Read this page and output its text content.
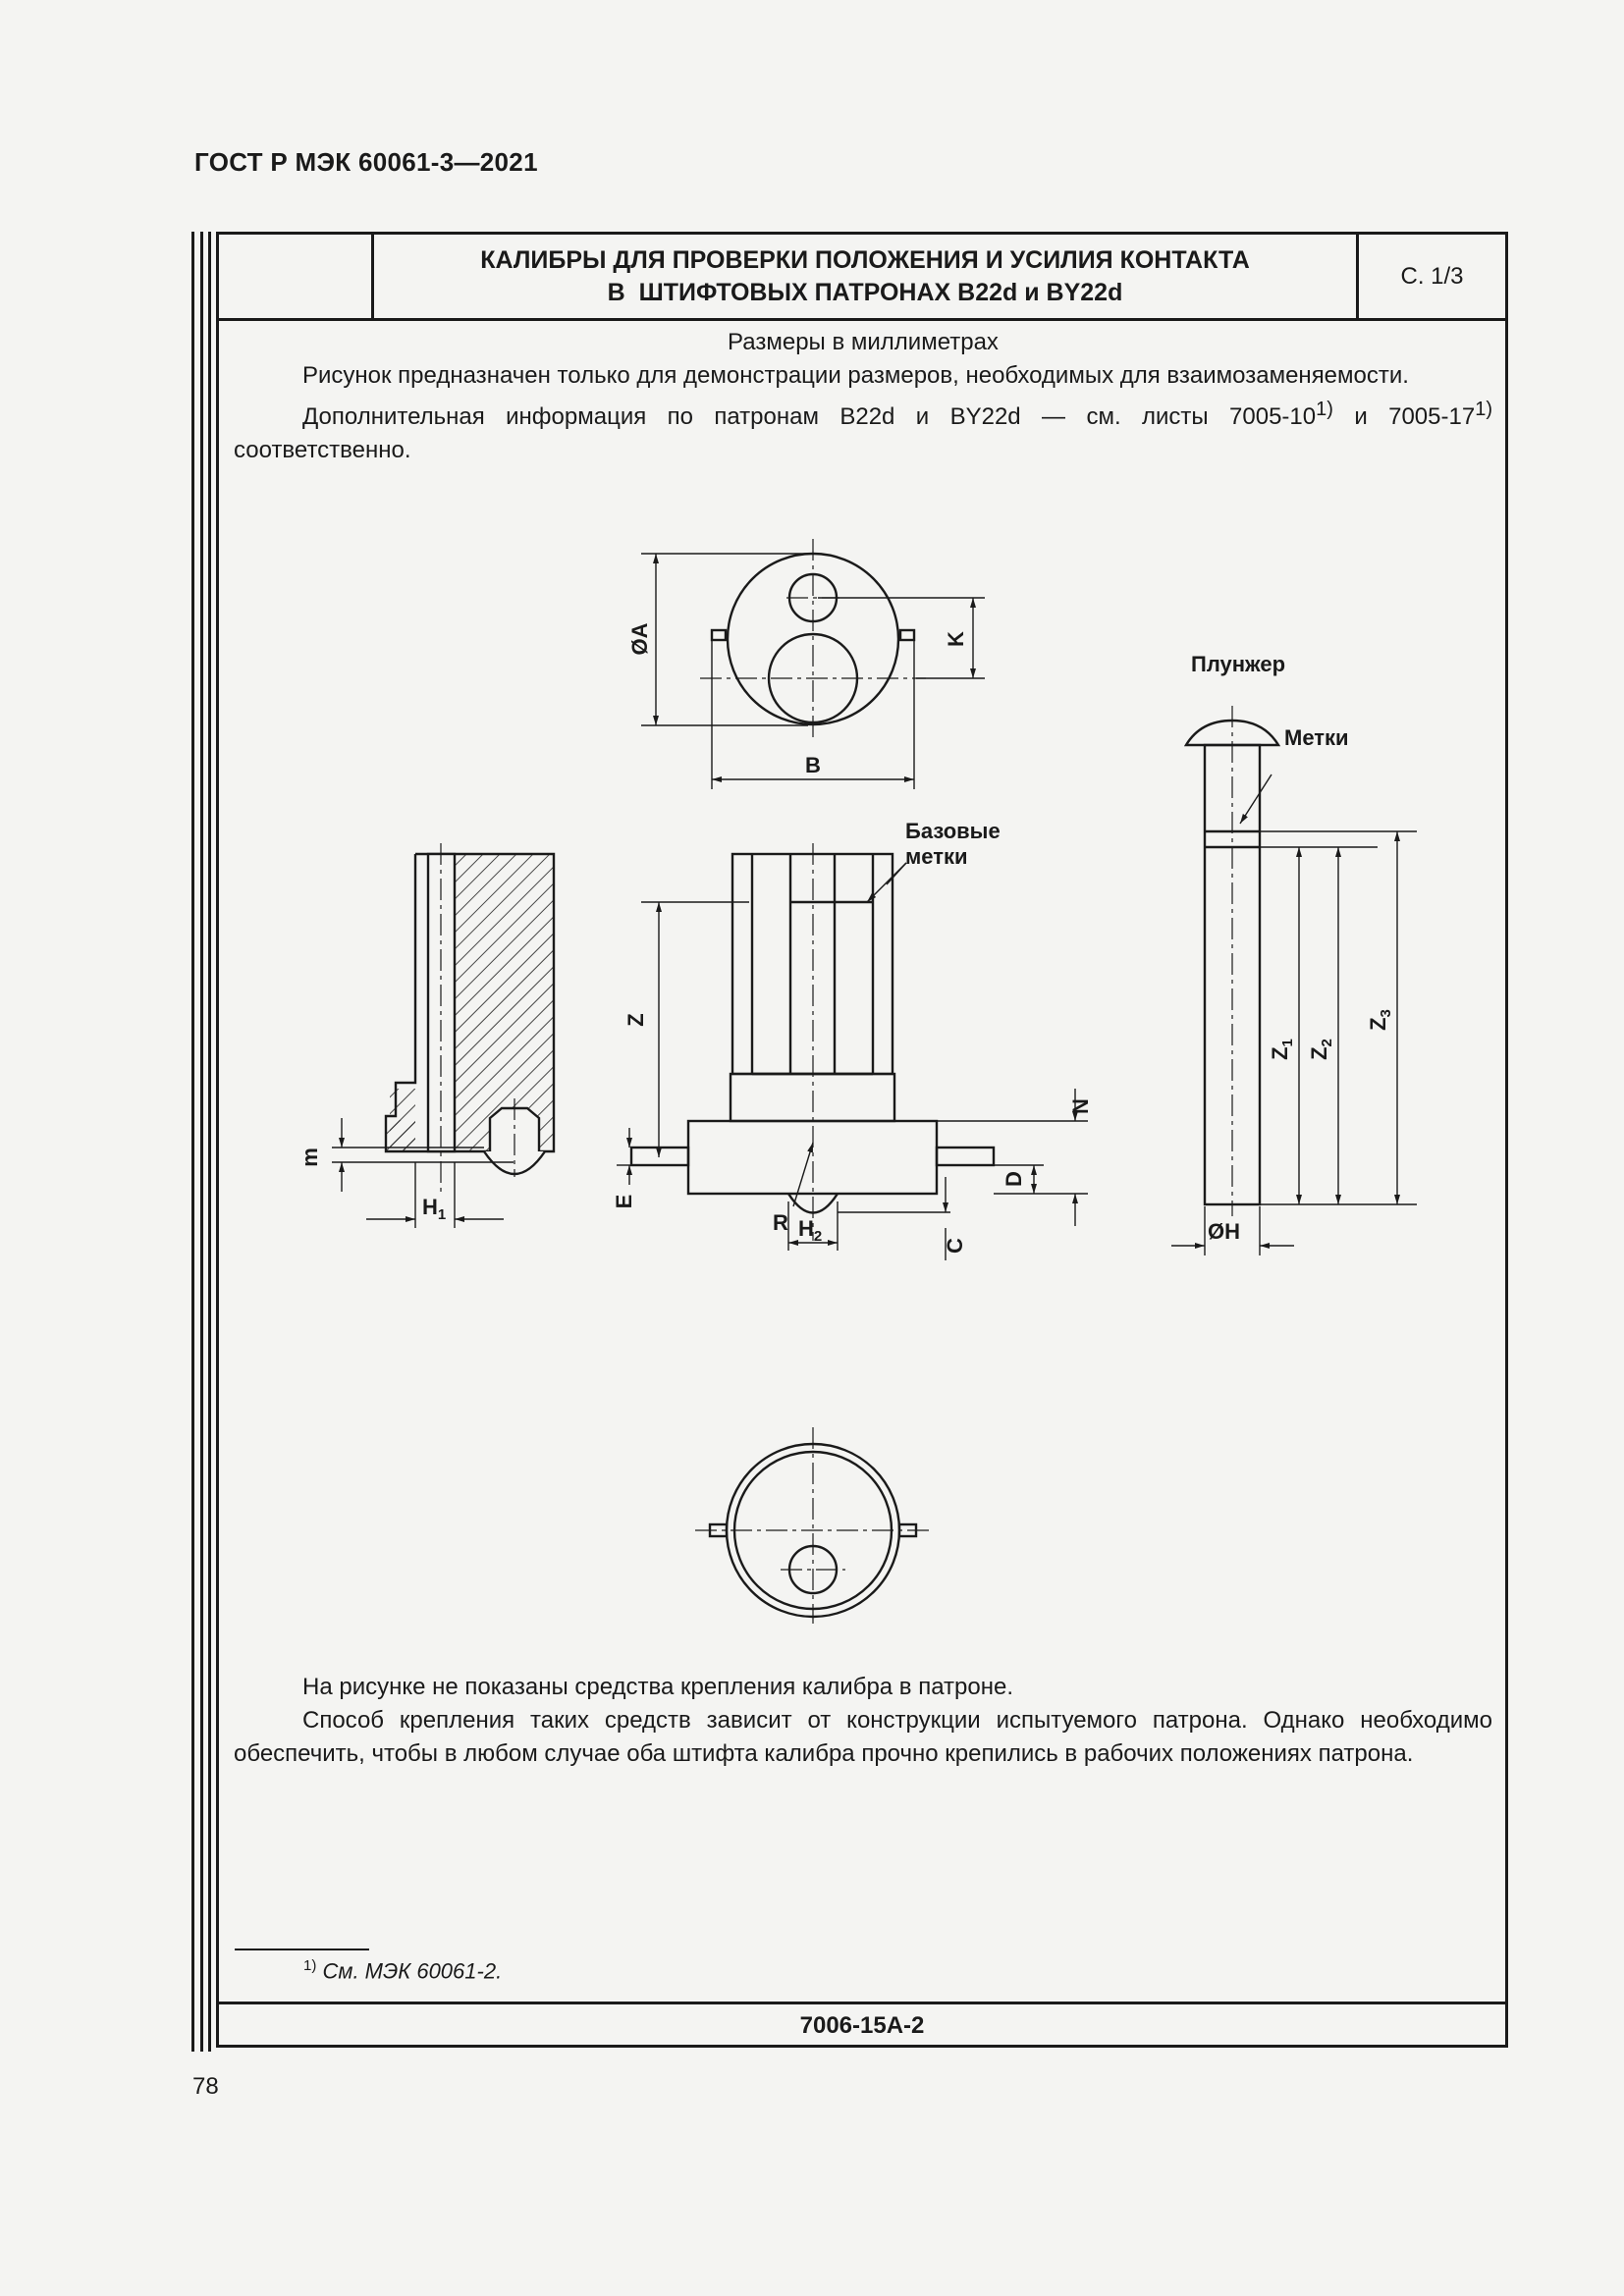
ГОСТ Р МЭК 60061-3—2021
КАЛИБРЫ ДЛЯ ПРОВЕРКИ ПОЛОЖЕНИЯ И УСИЛИЯ КОНТАКТА
В  ШТИФТОВЫХ ПАТРОНАХ B22d и BY22d
С. 1/3

Размеры в миллиметрах

Рисунок предназначен только для демонстрации размеров, необходимых для взаимозаменяемости.

Дополнительная информация по патронам B22d и BY22d — см. листы 7005-10$^{1)}$ и 7005-17$^{1)}$ соответственно.

ØA	K
B
m
$H_1$
Z
E
N
D
C
R $H_2$
Базовые
метки
Плунжер
Метки
$Z_1$
$Z_2$
$Z_3$
ØH

На рисунке не показаны средства крепления калибра в патроне.

Способ крепления таких средств зависит от конструкции испытуемого патрона. Однако необходимо обеспечить, чтобы в любом случае оба штифта калибра прочно крепились в рабочих положениях патрона.

$^{1)}$ См. МЭК 60061-2.
7006-15A-2
78
